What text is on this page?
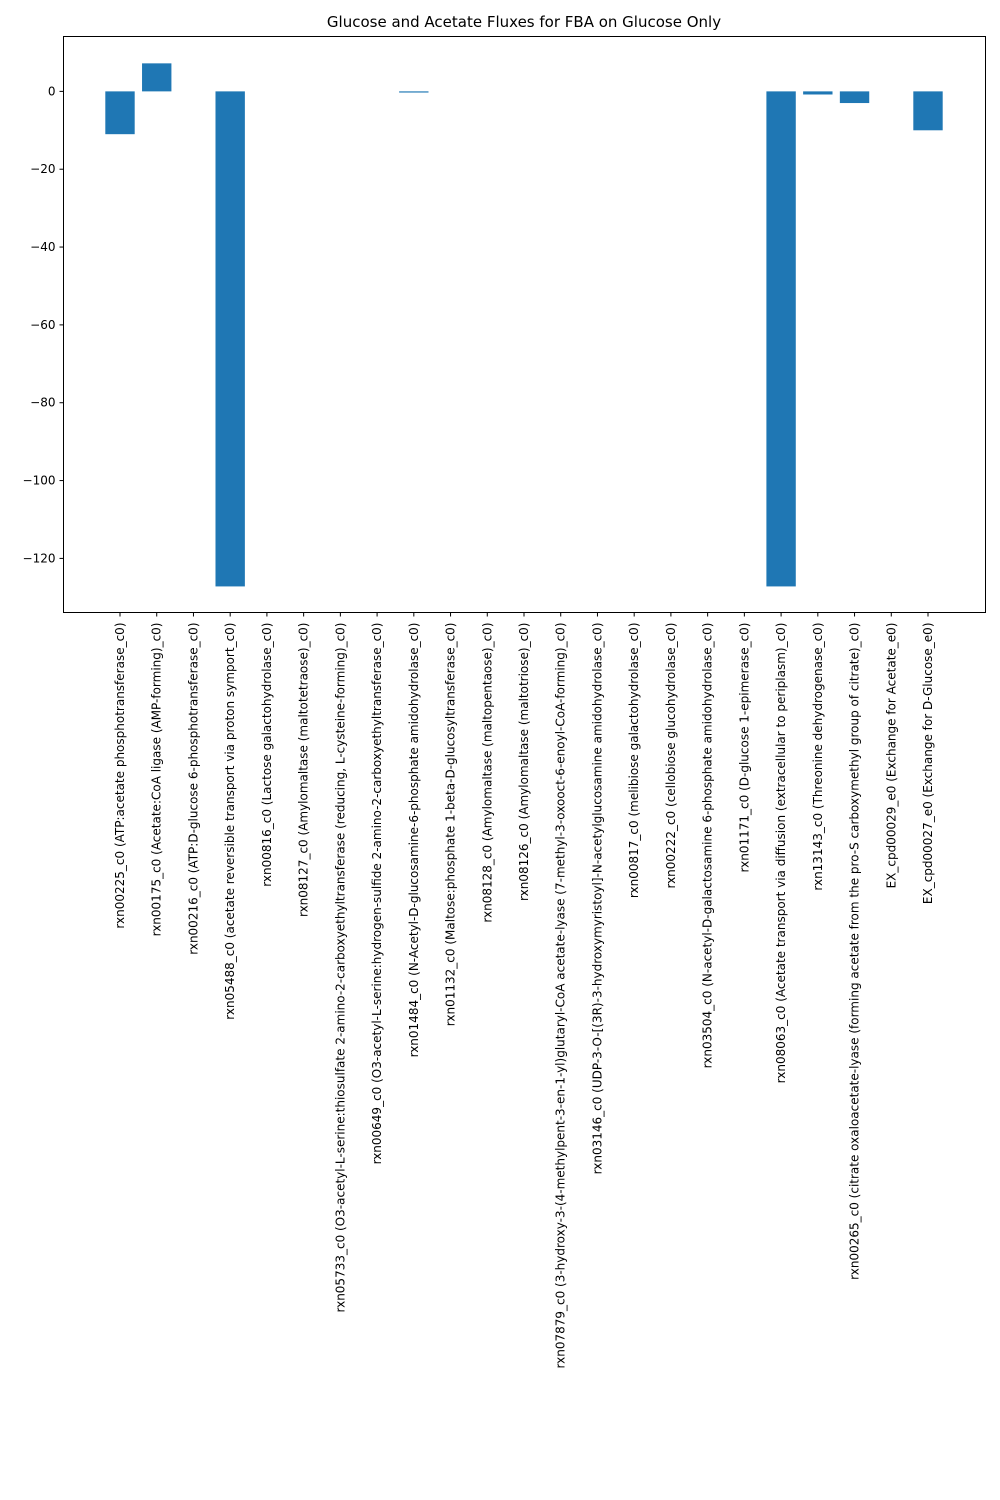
Glucose and Acetate Fluxes for FBA on Glucose Only
0
−20
−40
−60
−80
−100
−120
rxn00225_c0 (ATP:acetate phosphotransferase_c0) rxn00175_c0 (Acetate:CoA ligase (AMP-forming)_c0) rxn00216_c0 (ATP:D-glucose 6-phosphotransferase_c0) rxn05488_c0 (acetate reversible transport via proton symport_c0) rxn00816_c0 (Lactose galactohydrolase_c0) rxn08127_c0 (Amylomaltase (maltotetraose)_c0) rxn05733_c0 (O3-acetyl-L-serine:thiosulfate 2-amino-2-carboxyethyltransferase (reducing, L-cysteine-forming)_c0) rxn00649_c0 (O3-acetyl-L-serine:hydrogen-sulfide 2-amino-2-carboxyethyltransferase_c0) rxn01484_c0 (N-Acetyl-D-glucosamine-6-phosphate amidohydrolase_c0) rxn01132_c0 (Maltose:phosphate 1-beta-D-glucosyltransferase_c0) rxn08128_c0 (Amylomaltase (maltopentaose)_c0) rxn08126_c0 (Amylomaltase (maltotriose)_c0) rxn07879_c0 (3-hydroxy-3-(4-methylpent-3-en-1-yl)glutaryl-CoA acetate-lyase (7-methyl-3-oxooct-6-enoyl-CoA-forming)_c0) rxn03146_c0 (UDP-3-O-[(3R)-3-hydroxymyristoyl]-N-acetylglucosamine amidohydrolase_c0) rxn00817_c0 (melibiose galactohydrolase_c0) rxn00222_c0 (cellobiose glucohydrolase_c0) rxn03504_c0 (N-acetyl-D-galactosamine 6-phosphate amidohydrolase_c0) rxn01171_c0 (D-glucose 1-epimerase_c0) rxn08063_c0 (Acetate transport via diffusion (extracellular to periplasm)_c0) rxn13143_c0 (Threonine dehydrogenase_c0) rxn00265_c0 (citrate oxaloacetate-lyase (forming acetate from the pro-S carboxymethyl group of citrate)_c0) EX_cpd00029_e0 (Exchange for Acetate_e0) EX_cpd00027_e0 (Exchange for D-Glucose_e0)
